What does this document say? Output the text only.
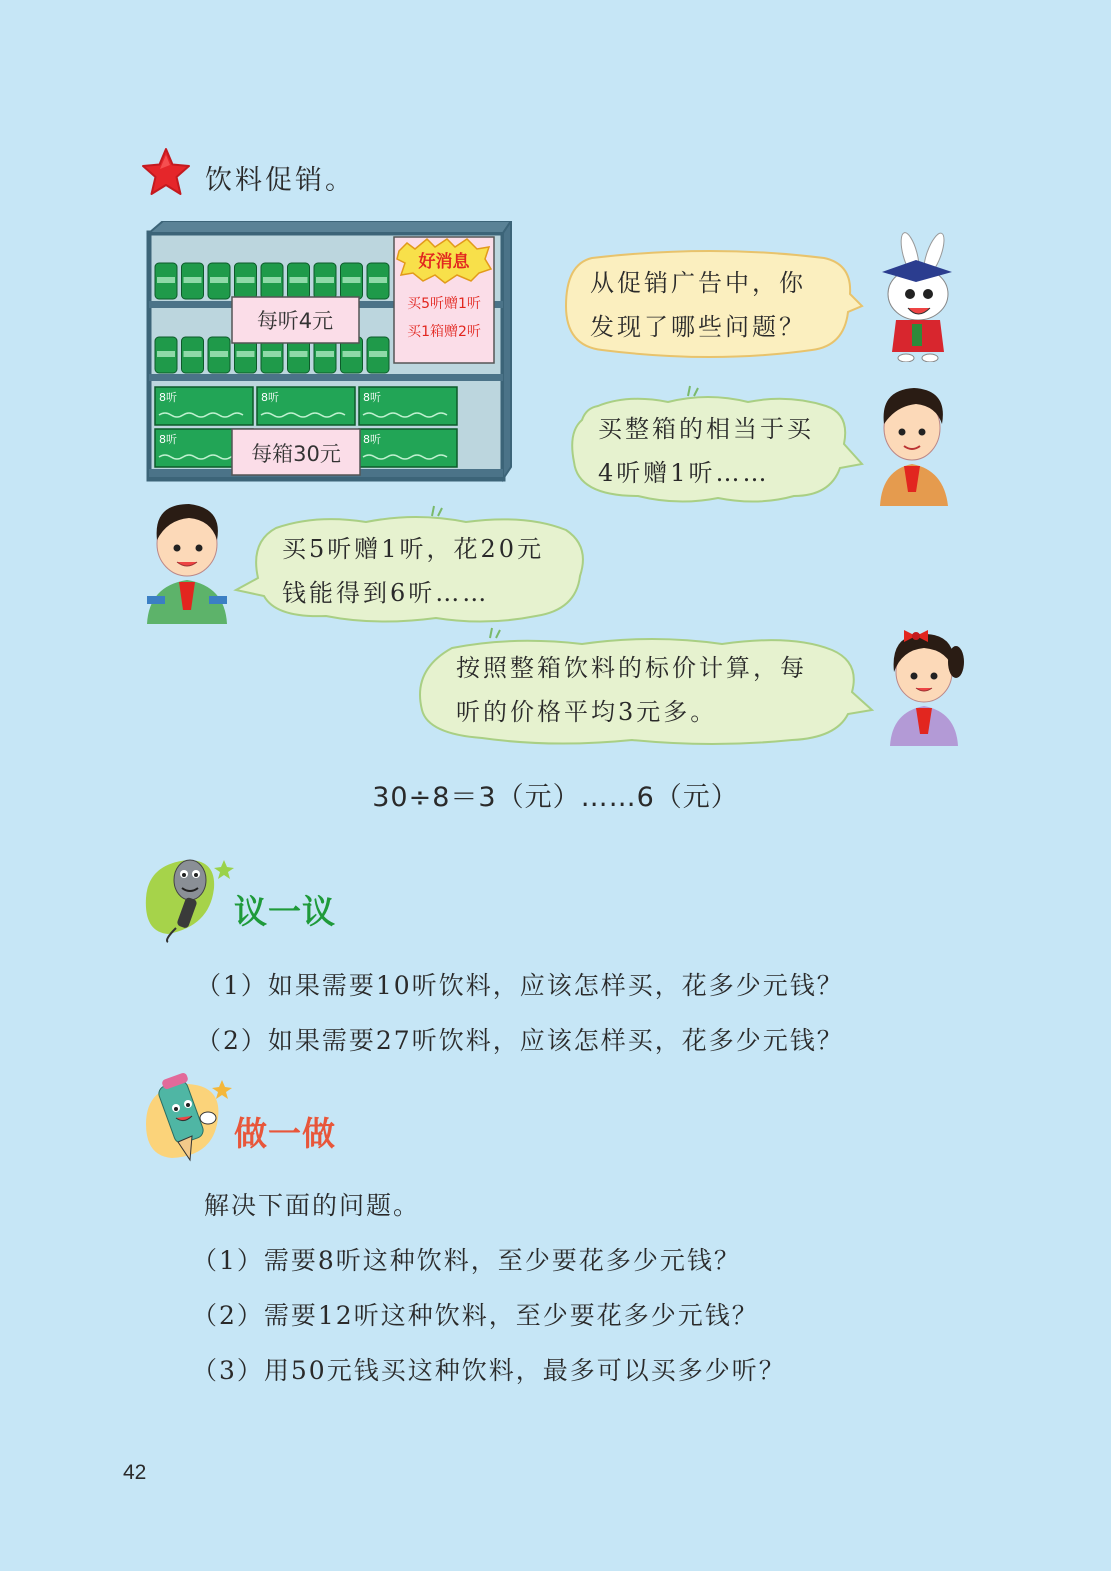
饮料促销。
8听	8听	8听
8听	8听
每听4元
每箱30元
好消息
买5听赠1听
买1箱赠2听
从促销广告中，你
发现了哪些问题？
买整箱的相当于买
4听赠1听……
买5听赠1听，花20元
钱能得到6听……
按照整箱饮料的标价计算，每
听的价格平均3元多。
30÷8＝3（元）……6（元）
议一议
（1）如果需要10听饮料，应该怎样买，花多少元钱？
（2）如果需要27听饮料，应该怎样买，花多少元钱？
做一做
解决下面的问题。
（1）需要8听这种饮料，至少要花多少元钱？
（2）需要12听这种饮料，至少要花多少元钱？
（3）用50元钱买这种饮料，最多可以买多少听？
42
